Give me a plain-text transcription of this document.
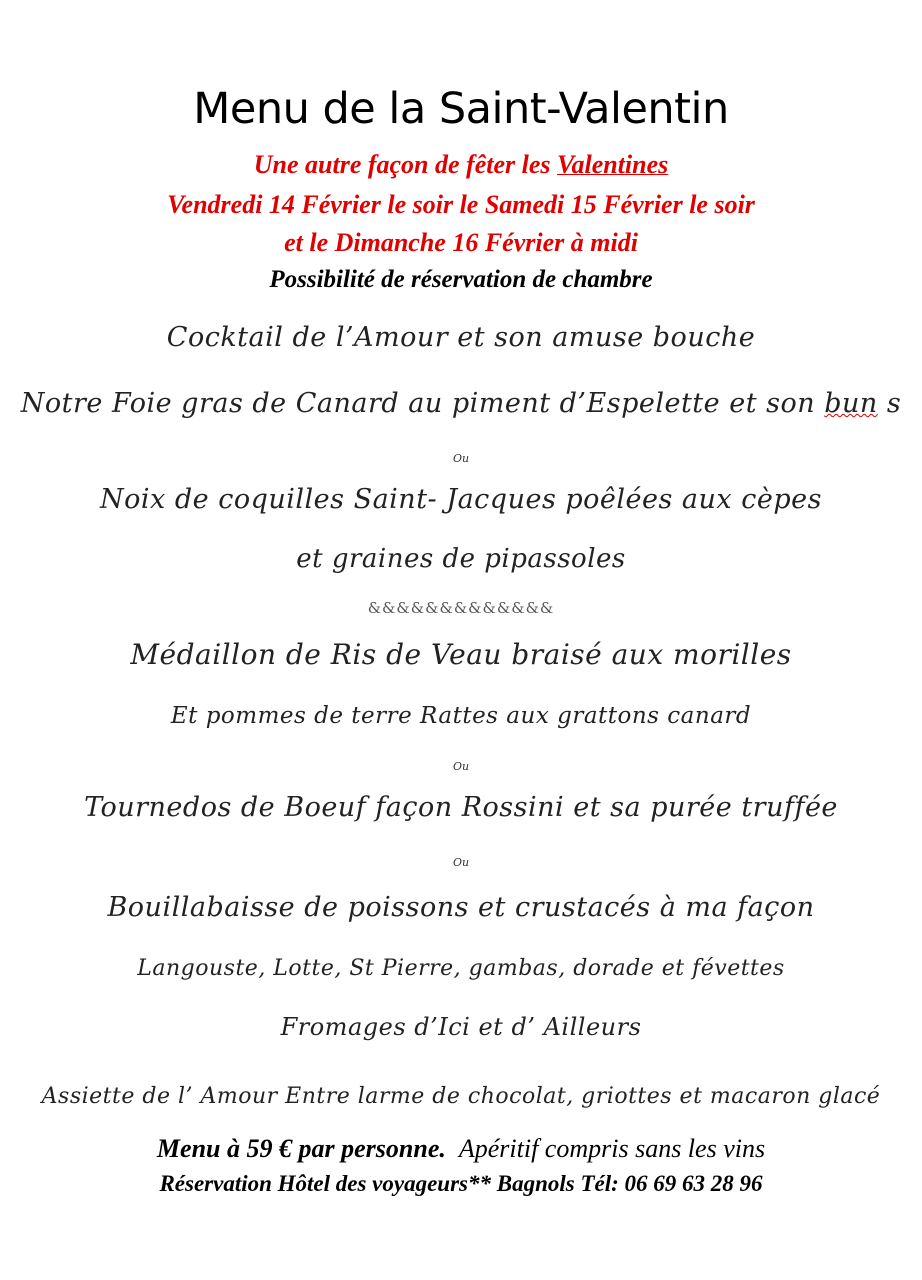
Menu de la Saint-Valentin
Une autre façon de fêter les Valentines
Vendredi 14 Février le soir le Samedi 15 Février le soir
et le Dimanche 16 Février à midi
Possibilité de réservation de chambre
Cocktail de l’Amour et son amuse bouche
Notre Foie gras de Canard au piment d’Espelette et son bun s
Ou
Noix de coquilles Saint- Jacques poêlées aux cèpes
et graines de pipassoles
&&&&&&&&&&&&&
Médaillon de Ris de Veau braisé aux morilles
Et pommes de terre Rattes aux grattons canard
Ou
Tournedos de Boeuf façon Rossini et sa purée truffée
Ou
Bouillabaisse de poissons et crustacés à ma façon
Langouste, Lotte, St Pierre, gambas, dorade et févettes
Fromages d’Ici et d’ Ailleurs
Assiette de l’ Amour Entre larme de chocolat, griottes et macaron glacé
Menu à 59 € par personne. Apéritif compris sans les vins
Réservation Hôtel des voyageurs** Bagnols Tél: 06 69 63 28 96
